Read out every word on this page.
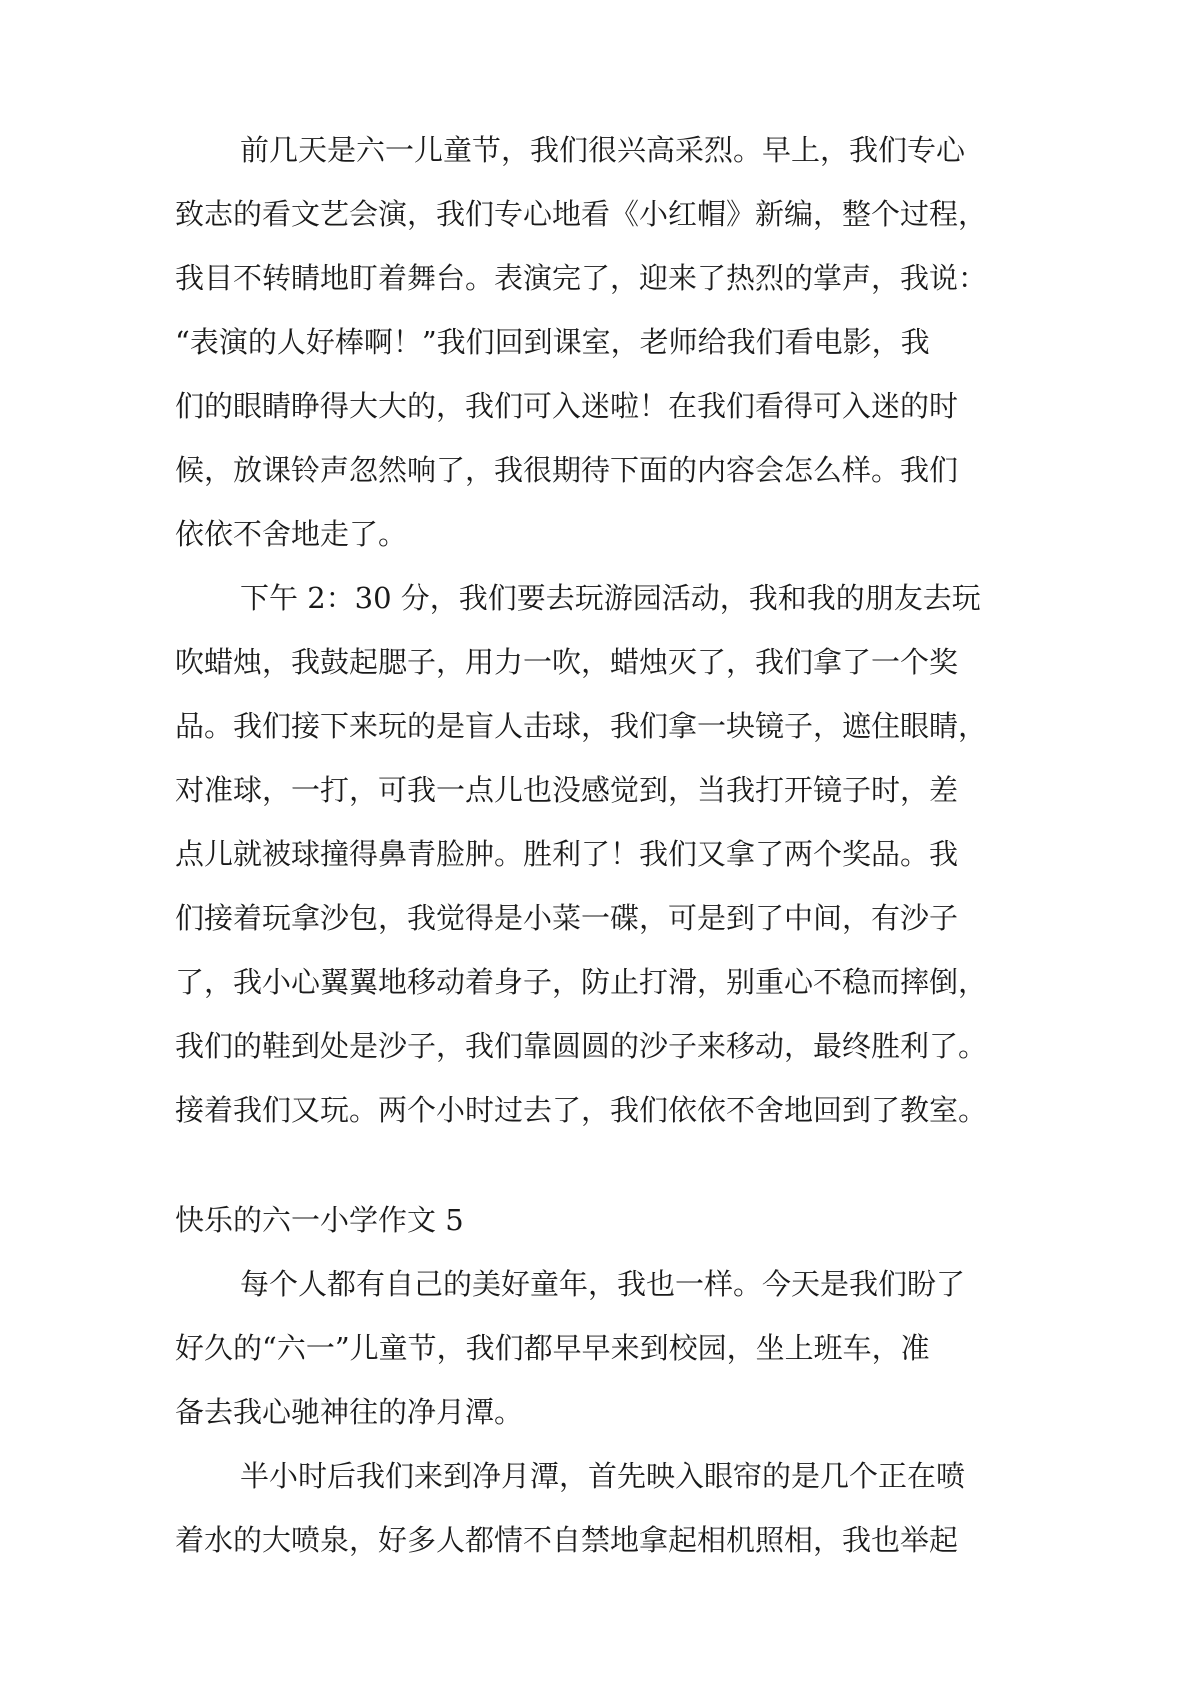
前几天是六一儿童节，我们很兴高采烈。早上，我们专心
致志的看文艺会演，我们专心地看《小红帽》新编，整个过程，
我目不转睛地盯着舞台。表演完了，迎来了热烈的掌声，我说：
“表演的人好棒啊！”我们回到课室，老师给我们看电影，我
们的眼睛睁得大大的，我们可入迷啦！在我们看得可入迷的时
候，放课铃声忽然响了，我很期待下面的内容会怎么样。我们
依依不舍地走了。
下午 2：30 分，我们要去玩游园活动，我和我的朋友去玩
吹蜡烛，我鼓起腮子，用力一吹，蜡烛灭了，我们拿了一个奖
品。我们接下来玩的是盲人击球，我们拿一块镜子，遮住眼睛，
对准球，一打，可我一点儿也没感觉到，当我打开镜子时，差
点儿就被球撞得鼻青脸肿。胜利了！我们又拿了两个奖品。我
们接着玩拿沙包，我觉得是小菜一碟，可是到了中间，有沙子
了，我小心翼翼地移动着身子，防止打滑，别重心不稳而摔倒，
我们的鞋到处是沙子，我们靠圆圆的沙子来移动，最终胜利了。
接着我们又玩。两个小时过去了，我们依依不舍地回到了教室。
快乐的六一小学作文 5
每个人都有自己的美好童年，我也一样。今天是我们盼了
好久的“六一”儿童节，我们都早早来到校园，坐上班车，准
备去我心驰神往的净月潭。
半小时后我们来到净月潭，首先映入眼帘的是几个正在喷
着水的大喷泉，好多人都情不自禁地拿起相机照相，我也举起
